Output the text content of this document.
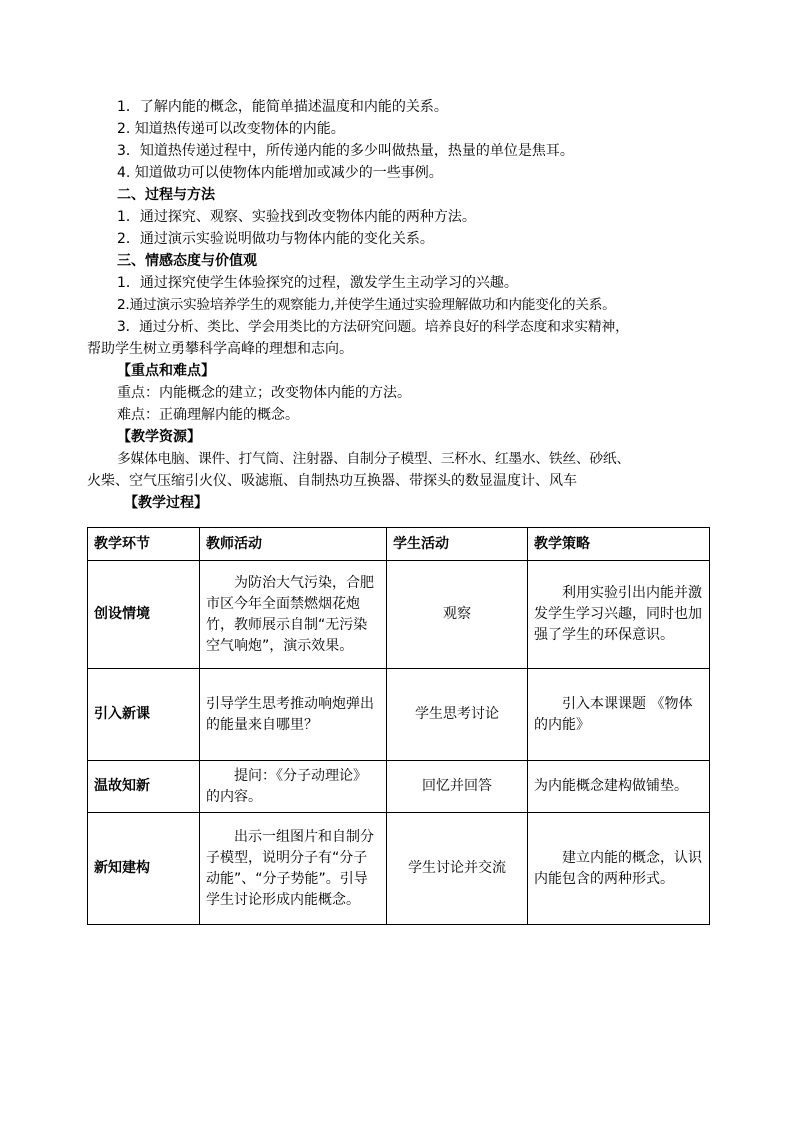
1．了解内能的概念，能简单描述温度和内能的关系。
2. 知道热传递可以改变物体的内能。
3．知道热传递过程中，所传递内能的多少叫做热量，热量的单位是焦耳。
4. 知道做功可以使物体内能增加或减少的一些事例。
二、过程与方法
1．通过探究、观察、实验找到改变物体内能的两种方法。
2．通过演示实验说明做功与物体内能的变化关系。
三、情感态度与价值观
1．通过探究使学生体验探究的过程，激发学生主动学习的兴趣。
2.通过演示实验培养学生的观察能力,并使学生通过实验理解做功和内能变化的关系。
3．通过分析、类比、学会用类比的方法研究问题。培养良好的科学态度和求实精神，
帮助学生树立勇攀科学高峰的理想和志向。
【重点和难点】
重点：内能概念的建立；改变物体内能的方法。
难点：正确理解内能的概念。
【教学资源】
多媒体电脑、课件、打气筒、注射器、自制分子模型、三杯水、红墨水、铁丝、砂纸、
火柴、空气压缩引火仪、吸滤瓶、自制热功互换器、带探头的数显温度计、风车
【教学过程】
教学环节	教师活动	学生活动	教学策略
创设情境	为防治大气污染，合肥市区今年全面禁燃烟花炮竹，教师展示自制“无污染空气响炮”，演示效果。	观察	利用实验引出内能并激发学生学习兴趣，同时也加强了学生的环保意识。
引入新课	引导学生思考推动响炮弹出的能量来自哪里？	学生思考讨论	引入本课课题 《物体的内能》
温故知新	提问：《分子动理论》的内容。	回忆并回答	为内能概念建构做铺垫。
新知建构	出示一组图片和自制分子模型，说明分子有“分子动能”、“分子势能”。引导学生讨论形成内能概念。	学生讨论并交流	建立内能的概念，认识内能包含的两种形式。
